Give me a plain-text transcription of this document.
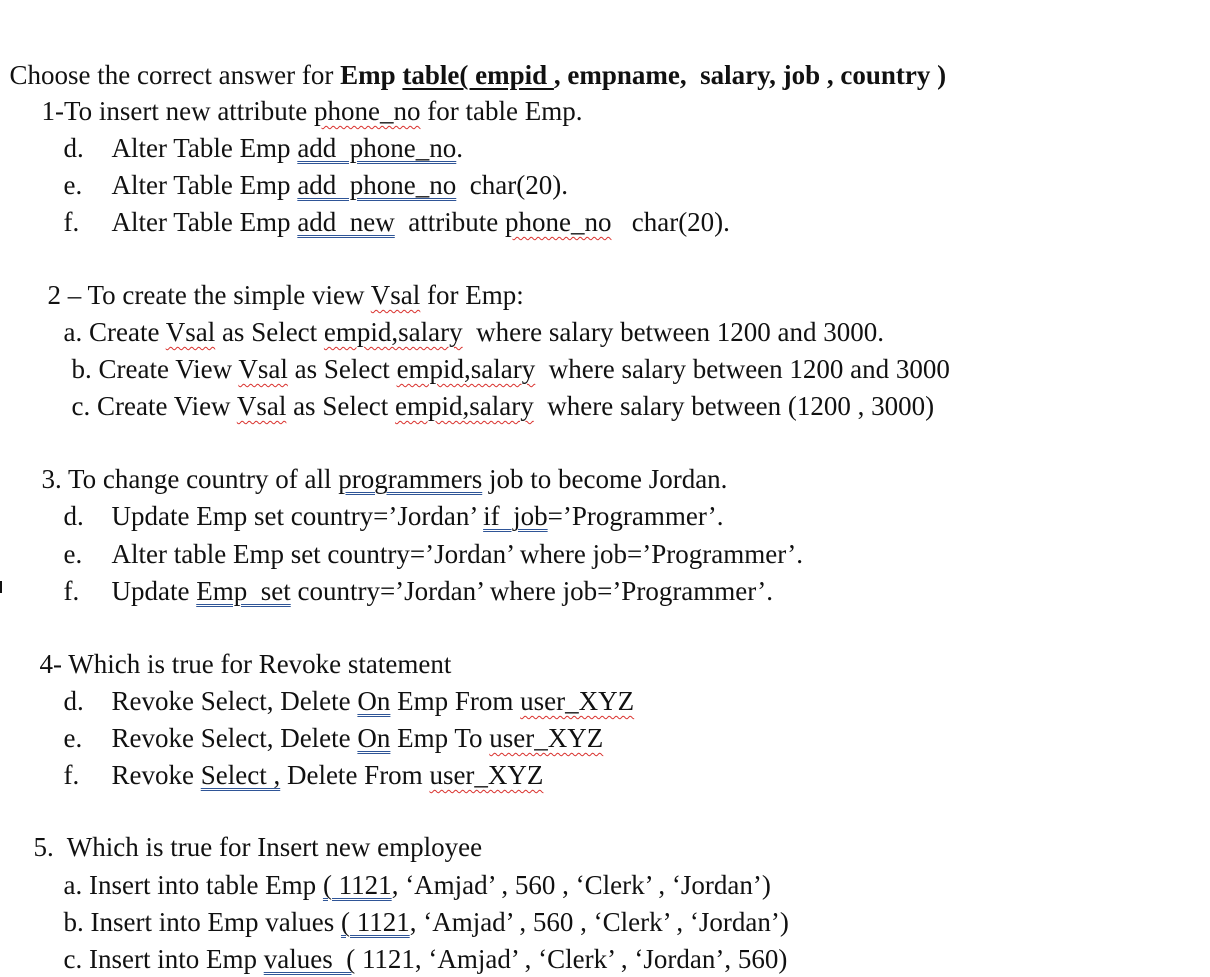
Choose the correct answer for Emp table( empid , empname,  salary, job , country )

1-To insert new attribute phone_no for table Emp.

d. Alter Table Emp add  phone_no.

e. Alter Table Emp add  phone_no  char(20).

f. Alter Table Emp add  new  attribute phone_no   char(20).

2 – To create the simple view Vsal for Emp:

a. Create Vsal as Select empid,salary  where salary between 1200 and 3000.

b. Create View Vsal as Select empid,salary  where salary between 1200 and 3000

c. Create View Vsal as Select empid,salary  where salary between (1200 , 3000)

3. To change country of all programmers job to become Jordan.

d. Update Emp set country=’Jordan’ if  job=’Programmer’.

e. Alter table Emp set country=’Jordan’ where job=’Programmer’.

f. Update Emp  set country=’Jordan’ where job=’Programmer’.

4- Which is true for Revoke statement

d. Revoke Select, Delete On Emp From user_XYZ

e. Revoke Select, Delete On Emp To user_XYZ

f. Revoke Select , Delete From user_XYZ

5.  Which is true for Insert new employee

a. Insert into table Emp ( 1121, ‘Amjad’ , 560 , ‘Clerk’ , ‘Jordan’)

b. Insert into Emp values ( 1121, ‘Amjad’ , 560 , ‘Clerk’ , ‘Jordan’)

c. Insert into Emp values  ( 1121, ‘Amjad’ , ‘Clerk’ , ‘Jordan’, 560)
